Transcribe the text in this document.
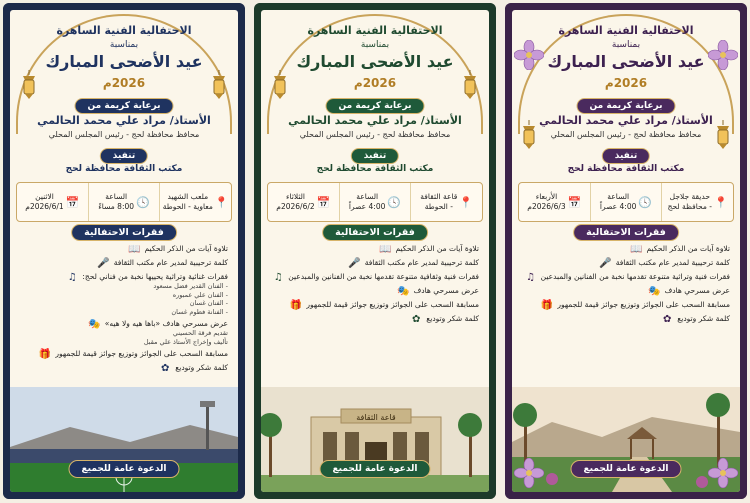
الاحتفالية الفنية الساهرة
بمناسبة
عيد الأضحى المبارك
2026م
برعاية كريمة من
الأستاذ/ مراد علي محمد الحالمي
محافظ محافظة لحج - رئيس المجلس المحلي
تنفيذ
مكتب الثقافة محافظة لحج
📍
ملعب الشهيد
معاوية - الحوطة
🕓
الساعة
8:00 مساءً
📅
الاثنين
2026/6/1م
فقرات الاحتفالية
تلاوة آيات من الذكر الحكيم
📖
كلمة ترحيبية لمدير عام مكتب الثقافة
🎤
فقرات غنائية وتراثية يحييها نخبة من فناني لحج:
- الفنان القدير فضل مسعود
- الفنان علي عمبوره
- الفنان غسان
- الفنانة فطوم غسان
♫
عرض مسرحي هادف «باها هيه ولا هيه»
تقديم فرقة الحسيني
تأليف وإخراج الأستاذ علي مقبل
🎭
مسابقة السحب على الجوائز وتوزيع جوائز قيمة للجمهور
🎁
كلمة شكر وتوديع
✿
الدعوة عامة للجميع
الاحتفالية الفنية الساهرة
بمناسبة
عيد الأضحى المبارك
2026م
برعاية كريمة من
الأستاذ/ مراد علي محمد الحالمي
محافظ محافظة لحج - رئيس المجلس المحلي
تنفيذ
مكتب الثقافة محافظة لحج
📍
قاعة الثقافة
- الحوطة
🕓
الساعة
4:00 عصراً
📅
الثلاثاء
2026/6/2م
فقرات الاحتفالية
تلاوة آيات من الذكر الحكيم
📖
كلمة ترحيبية لمدير عام مكتب الثقافة
🎤
فقرات فنية وثقافية متنوعة تقدمها نخبة من الفنانين والمبدعين
♫
عرض مسرحي هادف
🎭
مسابقة السحب على الجوائز وتوزيع جوائز قيمة للجمهور
🎁
كلمة شكر وتوديع
✿
قاعة الثقافة
الدعوة عامة للجميع
الاحتفالية الفنية الساهرة
بمناسبة
عيد الأضحى المبارك
2026م
برعاية كريمة من
الأستاذ/ مراد علي محمد الحالمي
محافظ محافظة لحج - رئيس المجلس المحلي
تنفيذ
مكتب الثقافة محافظة لحج
📍
حديقة جلاجل
- محافظة لحج
🕓
الساعة
4:00 عصراً
📅
الأربعاء
2026/6/3م
فقرات الاحتفالية
تلاوة آيات من الذكر الحكيم
📖
كلمة ترحيبية لمدير عام مكتب الثقافة
🎤
فقرات فنية وتراثية متنوعة تقدمها نخبة من الفنانين والمبدعين
♫
عرض مسرحي هادف
🎭
مسابقة السحب على الجوائز وتوزيع جوائز قيمة للجمهور
🎁
كلمة شكر وتوديع
✿
الدعوة عامة للجميع
